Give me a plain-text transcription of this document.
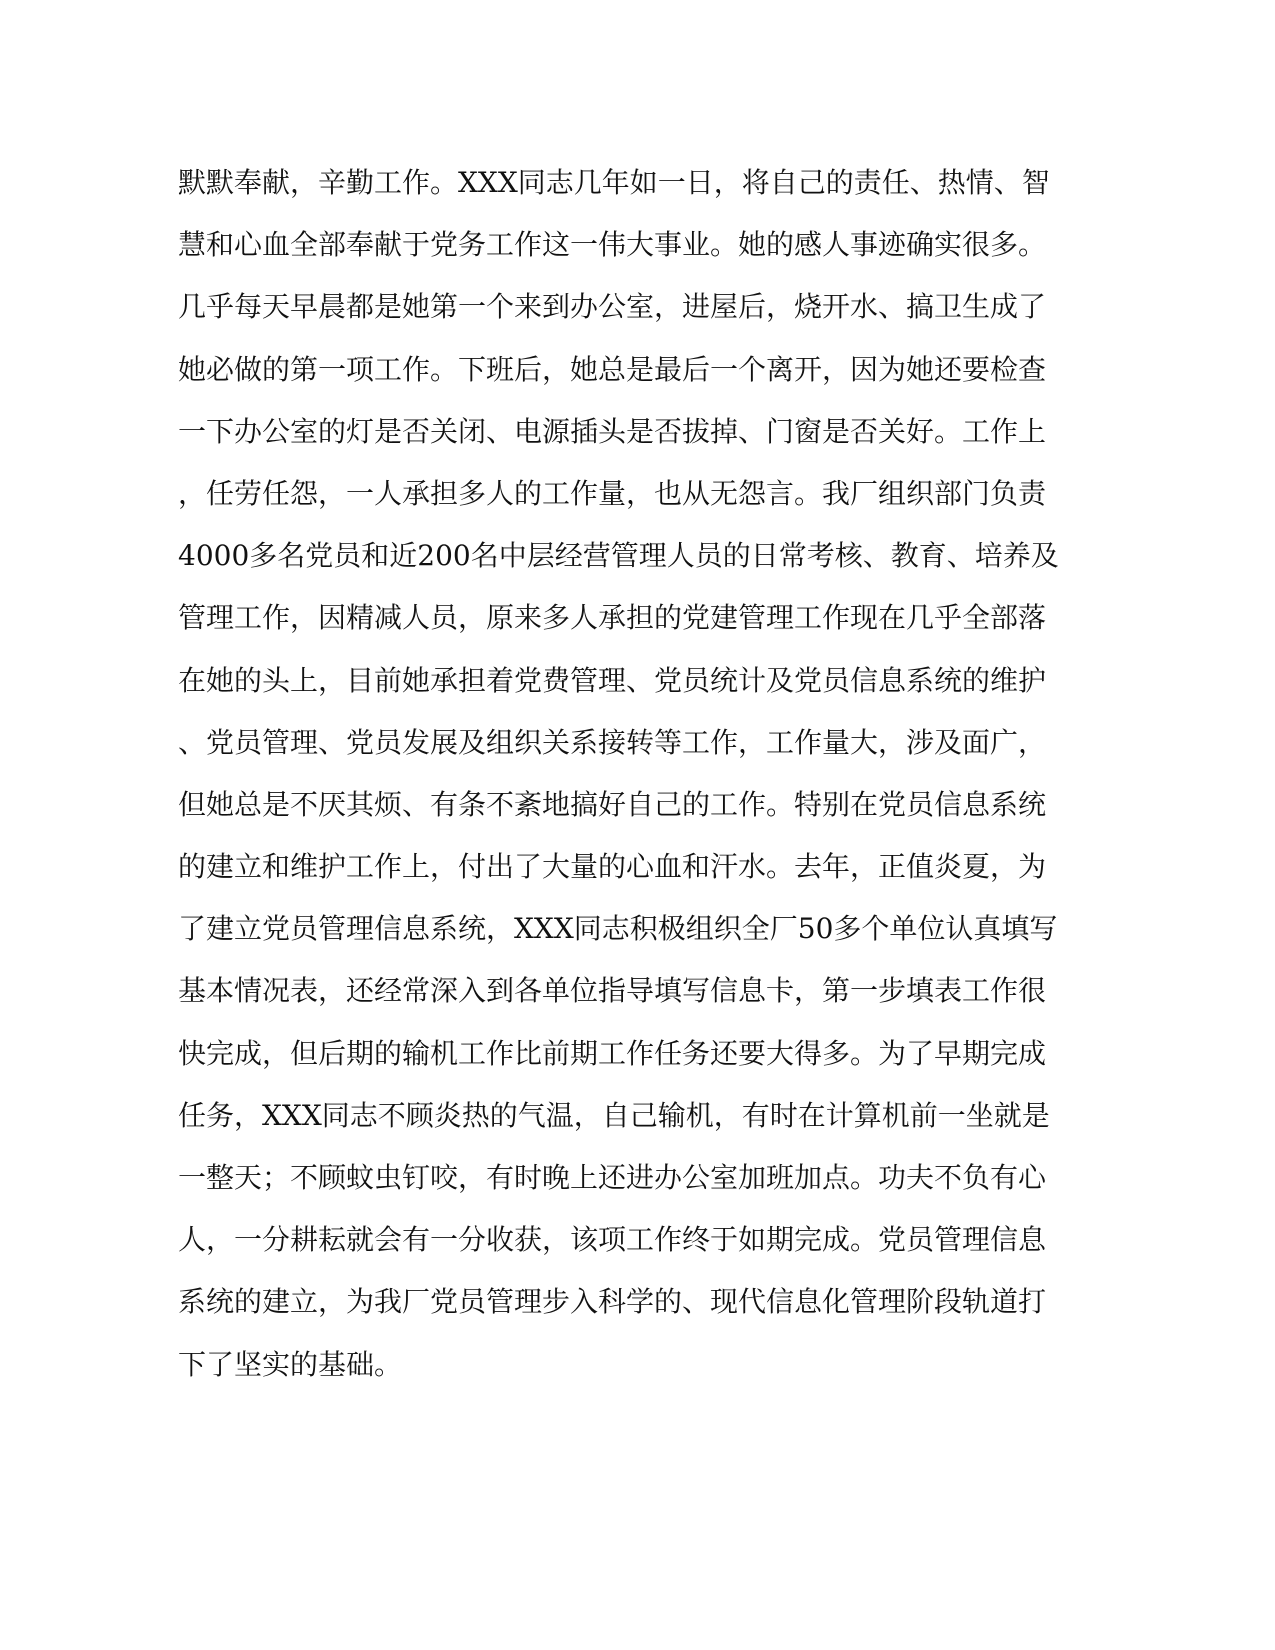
默默奉献，辛勤工作。XXX同志几年如一日，将自己的责任、热情、智
慧和心血全部奉献于党务工作这一伟大事业。她的感人事迹确实很多。
几乎每天早晨都是她第一个来到办公室，进屋后，烧开水、搞卫生成了
她必做的第一项工作。下班后，她总是最后一个离开，因为她还要检查
一下办公室的灯是否关闭、电源插头是否拔掉、门窗是否关好。工作上
，任劳任怨，一人承担多人的工作量，也从无怨言。我厂组织部门负责
4000多名党员和近200名中层经营管理人员的日常考核、教育、培养及
管理工作，因精减人员，原来多人承担的党建管理工作现在几乎全部落
在她的头上，目前她承担着党费管理、党员统计及党员信息系统的维护
、党员管理、党员发展及组织关系接转等工作，工作量大，涉及面广，
但她总是不厌其烦、有条不紊地搞好自己的工作。特别在党员信息系统
的建立和维护工作上，付出了大量的心血和汗水。去年，正值炎夏，为
了建立党员管理信息系统，XXX同志积极组织全厂50多个单位认真填写
基本情况表，还经常深入到各单位指导填写信息卡，第一步填表工作很
快完成，但后期的输机工作比前期工作任务还要大得多。为了早期完成
任务，XXX同志不顾炎热的气温，自己输机，有时在计算机前一坐就是
一整天；不顾蚊虫钉咬，有时晚上还进办公室加班加点。功夫不负有心
人，一分耕耘就会有一分收获，该项工作终于如期完成。党员管理信息
系统的建立，为我厂党员管理步入科学的、现代信息化管理阶段轨道打
下了坚实的基础。
